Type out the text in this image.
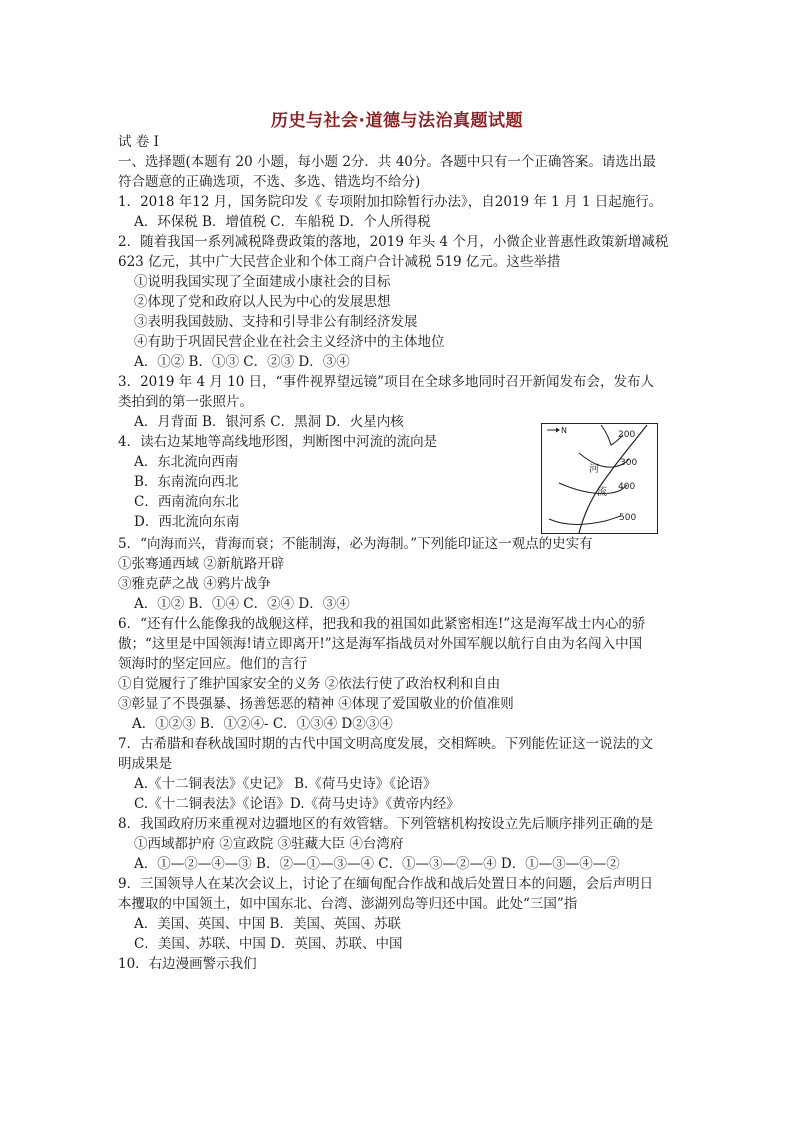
历史与社会·道德与法治真题试题
试 卷 Ⅰ
一、选择题(本题有 20 小题，每小题 2分．共 40分。各题中只有一个正确答案。请选出最
符合题意的正确选项，不选、多选、错选均不给分)
1．2018 年12 月，国务院印发《 专项附加扣除暂行办法》，自2019 年 1 月 1 日起施行。
A．环保税 B．增值税 C．车船税 D．个人所得税
2．随着我国一系列减税降费政策的落地，2019 年头 4 个月，小微企业普惠性政策新增减税
623 亿元，其中广大民营企业和个体工商户合计减税 519 亿元。这些举措
①说明我国实现了全面建成小康社会的目标
②体现了党和政府以人民为中心的发展思想
③表明我国鼓励、支持和引导非公有制经济发展
④有助于巩固民营企业在社会主义经济中的主体地位
A．①② B．①③ C．②③ D．③④
3．2019 年 4 月 10 日，“事件视界望远镜”项目在全球多地同时召开新闻发布会，发布人
类拍到的第一张照片。
A．月背面 B．银河系 C．黑洞 D．火星内核
4．读右边某地等高线地形图，判断图中河流的流向是
A．东北流向西南
B．东南流向西北
C．西南流向东北
D．西北流向东南
5．“向海而兴，背海而衰；不能制海，必为海制。”下列能印证这一观点的史实有
①张骞通西域 ②新航路开辟
③雅克萨之战 ④鸦片战争
A．①② B．①④ C．②④ D．③④
6．“还有什么能像我的战舰这样，把我和我的祖国如此紧密相连!”这是海军战士内心的骄
傲；“这里是中国领海!请立即离开!”这是海军指战员对外国军舰以航行自由为名闯入中国
领海时的坚定回应。他们的言行
①自觉履行了维护国家安全的义务 ②依法行使了政治权利和自由
③彰显了不畏强暴、扬善惩恶的精神 ④体现了爱国敬业的价值准则
A．①②③ B．①②④- C．①③④ D②③④
7．古希腊和春秋战国时期的古代中国文明高度发展，交相辉映。下列能佐证这一说法的文
明成果是
A.《十二铜表法》《史记》 B.《荷马史诗》《论语》
C.《十二铜表法》《论语》D.《荷马史诗》《黄帝内经》
8．我国政府历来重视对边疆地区的有效管辖。下列管辖机构按设立先后顺序排列正确的是
①西域都护府 ②宣政院 ③驻藏大臣 ④台湾府
A．①—②—④—③ B．②—①—③—④ C．①—③—②—④ D．①—③—④—②
9．三国领导人在某次会议上，讨论了在缅甸配合作战和战后处置日本的问题，会后声明日
本攫取的中国领土，如中国东北、台湾、澎湖列岛等归还中国。此处“三国”指
A．美国、英国、中国 B．美国、英国、苏联
C．美国、苏联、中国 D．英国、苏联、中国
10．右边漫画警示我们
N
河
流
200
300
400
500
